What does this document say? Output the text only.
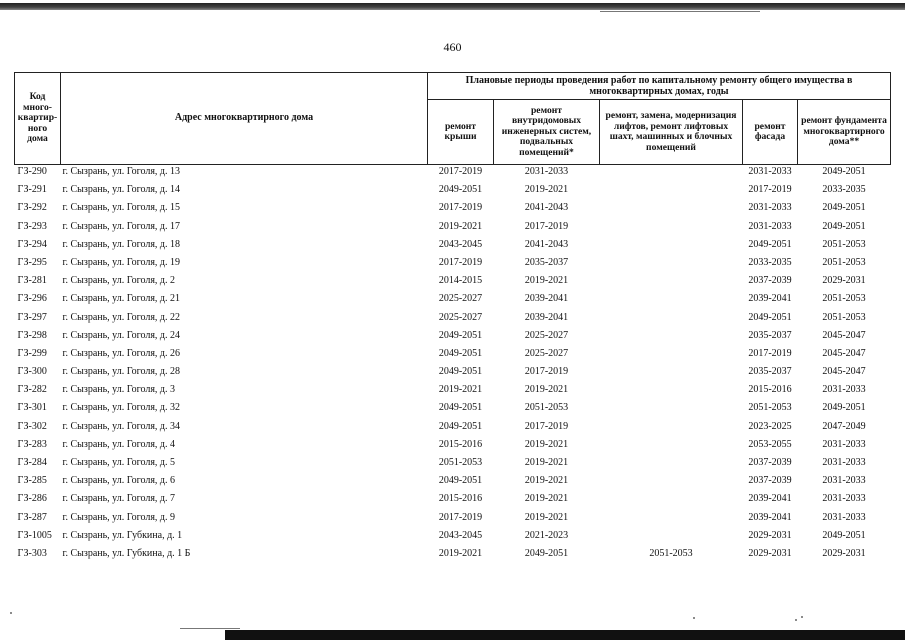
460
Код много-квартир-ного дома	Адрес многоквартирного дома	Плановые периоды проведения работ по капитальному ремонту общего имущества в многоквартирных домах, годы				
		ремонт крыши	ремонт внутридомовых инженерных систем, подвальных помещений*	ремонт, замена, модернизация лифтов, ремонт лифтовых шахт, машинных и блочных помещений	ремонт фасада	ремонт фундамента многоквартирного дома**
ГЗ-290	г. Сызрань, ул. Гоголя, д. 13	2017-2019	2031-2033		2031-2033	2049-2051
ГЗ-291	г. Сызрань, ул. Гоголя, д. 14	2049-2051	2019-2021		2017-2019	2033-2035
ГЗ-292	г. Сызрань, ул. Гоголя, д. 15	2017-2019	2041-2043		2031-2033	2049-2051
ГЗ-293	г. Сызрань, ул. Гоголя, д. 17	2019-2021	2017-2019		2031-2033	2049-2051
ГЗ-294	г. Сызрань, ул. Гоголя, д. 18	2043-2045	2041-2043		2049-2051	2051-2053
ГЗ-295	г. Сызрань, ул. Гоголя, д. 19	2017-2019	2035-2037		2033-2035	2051-2053
ГЗ-281	г. Сызрань, ул. Гоголя, д. 2	2014-2015	2019-2021		2037-2039	2029-2031
ГЗ-296	г. Сызрань, ул. Гоголя, д. 21	2025-2027	2039-2041		2039-2041	2051-2053
ГЗ-297	г. Сызрань, ул. Гоголя, д. 22	2025-2027	2039-2041		2049-2051	2051-2053
ГЗ-298	г. Сызрань, ул. Гоголя, д. 24	2049-2051	2025-2027		2035-2037	2045-2047
ГЗ-299	г. Сызрань, ул. Гоголя, д. 26	2049-2051	2025-2027		2017-2019	2045-2047
ГЗ-300	г. Сызрань, ул. Гоголя, д. 28	2049-2051	2017-2019		2035-2037	2045-2047
ГЗ-282	г. Сызрань, ул. Гоголя, д. 3	2019-2021	2019-2021		2015-2016	2031-2033
ГЗ-301	г. Сызрань, ул. Гоголя, д. 32	2049-2051	2051-2053		2051-2053	2049-2051
ГЗ-302	г. Сызрань, ул. Гоголя, д. 34	2049-2051	2017-2019		2023-2025	2047-2049
ГЗ-283	г. Сызрань, ул. Гоголя, д. 4	2015-2016	2019-2021		2053-2055	2031-2033
ГЗ-284	г. Сызрань, ул. Гоголя, д. 5	2051-2053	2019-2021		2037-2039	2031-2033
ГЗ-285	г. Сызрань, ул. Гоголя, д. 6	2049-2051	2019-2021		2037-2039	2031-2033
ГЗ-286	г. Сызрань, ул. Гоголя, д. 7	2015-2016	2019-2021		2039-2041	2031-2033
ГЗ-287	г. Сызрань, ул. Гоголя, д. 9	2017-2019	2019-2021		2039-2041	2031-2033
ГЗ-1005	г. Сызрань, ул. Губкина, д. 1	2043-2045	2021-2023		2029-2031	2049-2051
ГЗ-303	г. Сызрань, ул. Губкина, д. 1 Б	2019-2021	2049-2051	2051-2053	2029-2031	2029-2031
